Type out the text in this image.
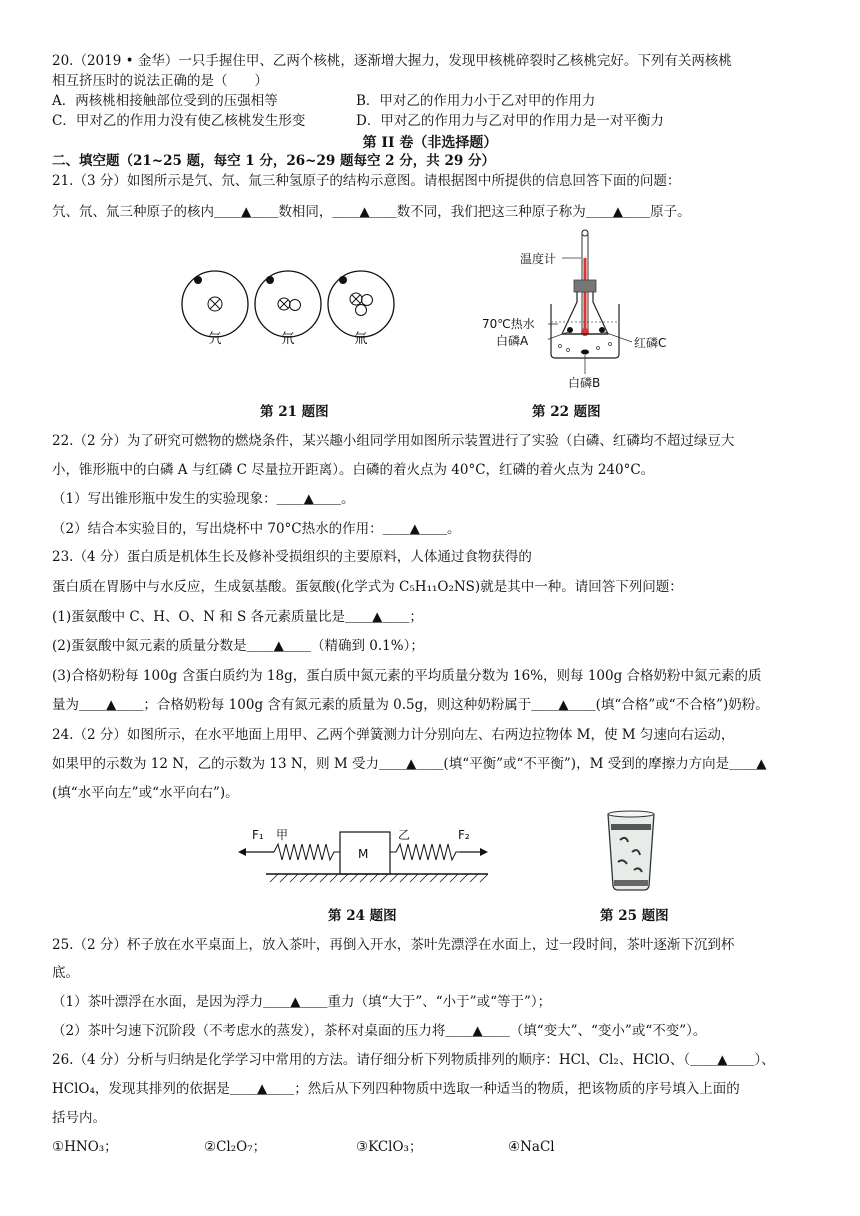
20.（2019 • 金华）一只手握住甲、乙两个核桃，逐渐增大握力，发现甲核桃碎裂时乙核桃完好。下列有关两核桃
相互挤压时的说法正确的是（　　）
A．两核桃相接触部位受到的压强相等	B．甲对乙的作用力小于乙对甲的作用力
C．甲对乙的作用力没有使乙核桃发生形变	D．甲对乙的作用力与乙对甲的作用力是一对平衡力
第 II 卷（非选择题）
二、填空题（21~25 题，每空 1 分，26~29 题每空 2 分，共 29 分）
21.（3 分）如图所示是氕、氘、氚三种氢原子的结构示意图。请根据图中所提供的信息回答下面的问题：
氕、氘、氚三种原子的核内＿＿▲＿＿数相同，＿＿▲＿＿数不同，我们把这三种原子称为＿＿▲＿＿原子。
氕	氘	氚
第 21 题图
温度计
70℃热水
白磷A	红磷C
白磷B
第 22 题图
22.（2 分）为了研究可燃物的燃烧条件，某兴趣小组同学用如图所示装置进行了实验（白磷、红磷均不超过绿豆大
小，锥形瓶中的白磷 A 与红磷 C 尽量拉开距离）。白磷的着火点为 40°C，红磷的着火点为 240°C。
（1）写出锥形瓶中发生的实验现象：＿＿▲＿＿。
（2）结合本实验目的，写出烧杯中 70°C热水的作用：＿＿▲＿＿。
23.（4 分）蛋白质是机体生长及修补受损组织的主要原料，人体通过食物获得的
蛋白质在胃肠中与水反应，生成氨基酸。蛋氨酸(化学式为 C₅H₁₁O₂NS)就是其中一种。请回答下列问题：
(1)蛋氨酸中 C、H、O、N 和 S 各元素质量比是＿＿▲＿＿；
(2)蛋氨酸中氮元素的质量分数是＿＿▲＿＿（精确到 0.1%）；
(3)合格奶粉每 100g 含蛋白质约为 18g，蛋白质中氮元素的平均质量分数为 16%，则每 100g 合格奶粉中氮元素的质
量为＿＿▲＿＿；合格奶粉每 100g 含有氮元素的质量为 0.5g，则这种奶粉属于＿＿▲＿＿(填“合格”或“不合格”)奶粉。
24.（2 分）如图所示，在水平地面上用甲、乙两个弹簧测力计分别向左、右两边拉物体 M，使 M 匀速向右运动，
如果甲的示数为 12 N，乙的示数为 13 N，则 M 受力＿＿▲＿＿(填“平衡”或“不平衡”)，M 受到的摩擦力方向是＿＿▲
(填“水平向左”或“水平向右”)。
F₁ 甲
M
乙	F₂
第 24 题图	第 25 题图
25.（2 分）杯子放在水平桌面上，放入茶叶，再倒入开水，茶叶先漂浮在水面上，过一段时间，茶叶逐渐下沉到杯
底。
（1）茶叶漂浮在水面，是因为浮力＿＿▲＿＿重力（填“大于”、“小于”或“等于”）；
（2）茶叶匀速下沉阶段（不考虑水的蒸发），茶杯对桌面的压力将＿＿▲＿＿（填“变大”、“变小”或“不变”）。
26.（4 分）分析与归纳是化学学习中常用的方法。请仔细分析下列物质排列的顺序：HCl、Cl₂、HClO、（＿＿▲＿＿）、
HClO₄，发现其排列的依据是＿＿▲＿＿；然后从下列四种物质中选取一种适当的物质，把该物质的序号填入上面的
括号内。
①HNO₃；	②Cl₂O₇；	③KClO₃；	④NaCl
